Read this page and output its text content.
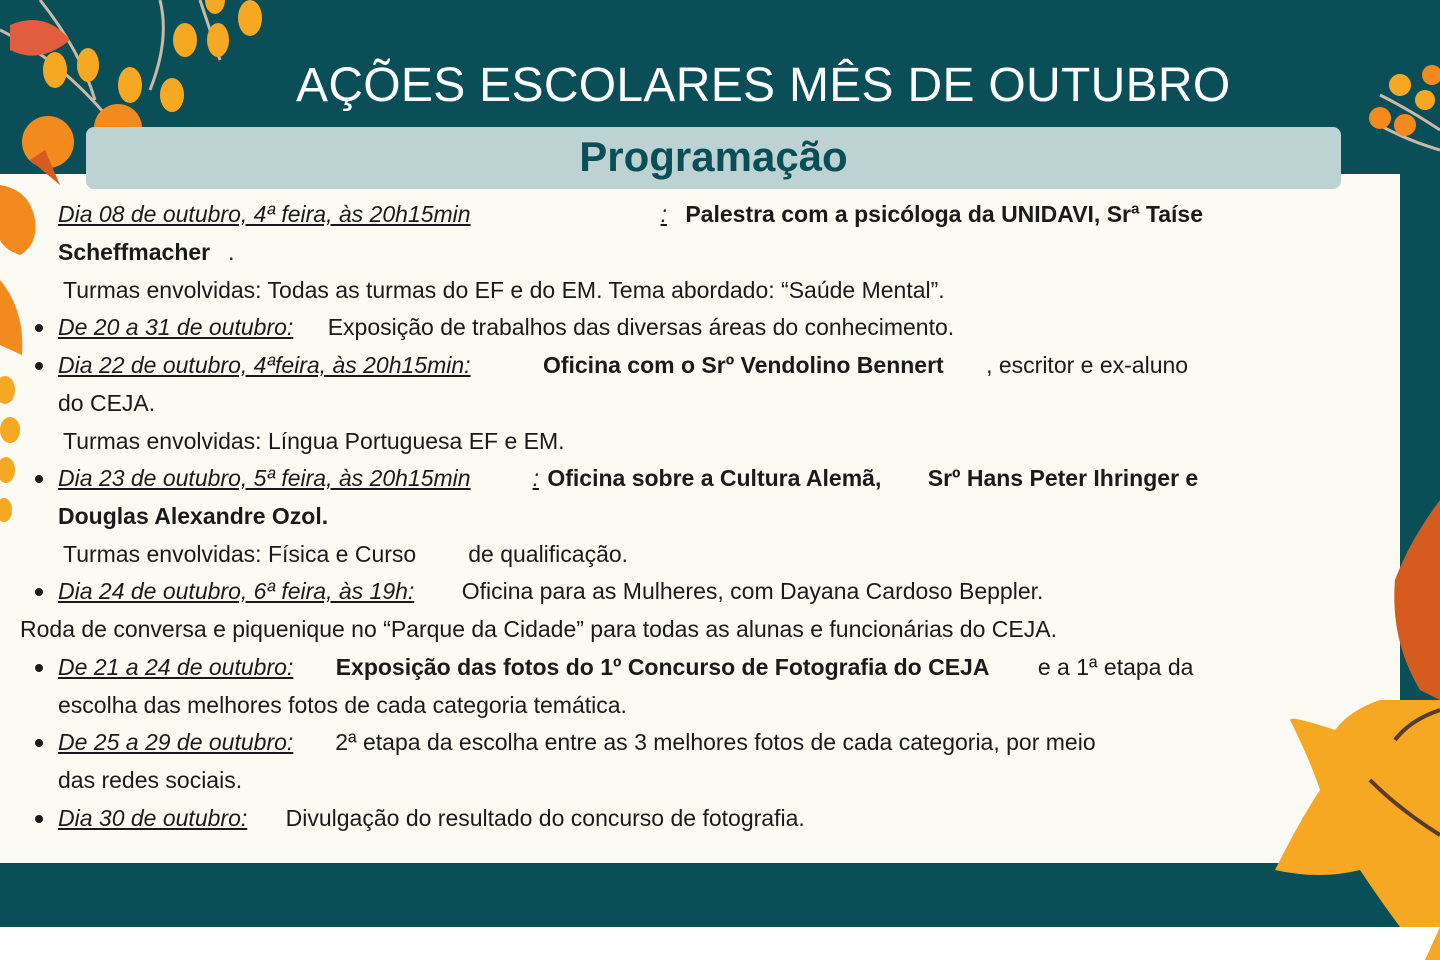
AÇÕES ESCOLARES MÊS DE OUTUBRO
Programação
Dia 08 de outubro, 4ª feira, às 20h15min	: Palestra com a psicóloga da UNIDAVI, Srª Taíse
Scheffmacher .
Turmas envolvidas: Todas as turmas do EF e do EM. Tema abordado: “Saúde Mental”.
De 20 a 31 de outubro: Exposição de trabalhos das diversas áreas do conhecimento.
Dia 22 de outubro, 4ªfeira, às 20h15min:	Oficina com o Srº Vendolino Bennert , escritor e ex-aluno
do CEJA.
Turmas envolvidas: Língua Portuguesa EF e EM.
Dia 23 de outubro, 5ª feira, às 20h15min	: Oficina sobre a Cultura Alemã, Srº Hans Peter Ihringer e
Douglas Alexandre Ozol.
Turmas envolvidas: Física e Curso de qualificação.
Dia 24 de outubro, 6ª feira, às 19h: Oficina para as Mulheres, com Dayana Cardoso Beppler.
Roda de conversa e piquenique no “Parque da Cidade” para todas as alunas e funcionárias do CEJA.
De 21 a 24 de outubro: Exposição das fotos do 1º Concurso de Fotografia do CEJA e a 1ª etapa da
escolha das melhores fotos de cada categoria temática.
De 25 a 29 de outubro: 2ª etapa da escolha entre as 3 melhores fotos de cada categoria, por meio
das redes sociais.
Dia 30 de outubro: Divulgação do resultado do concurso de fotografia.
